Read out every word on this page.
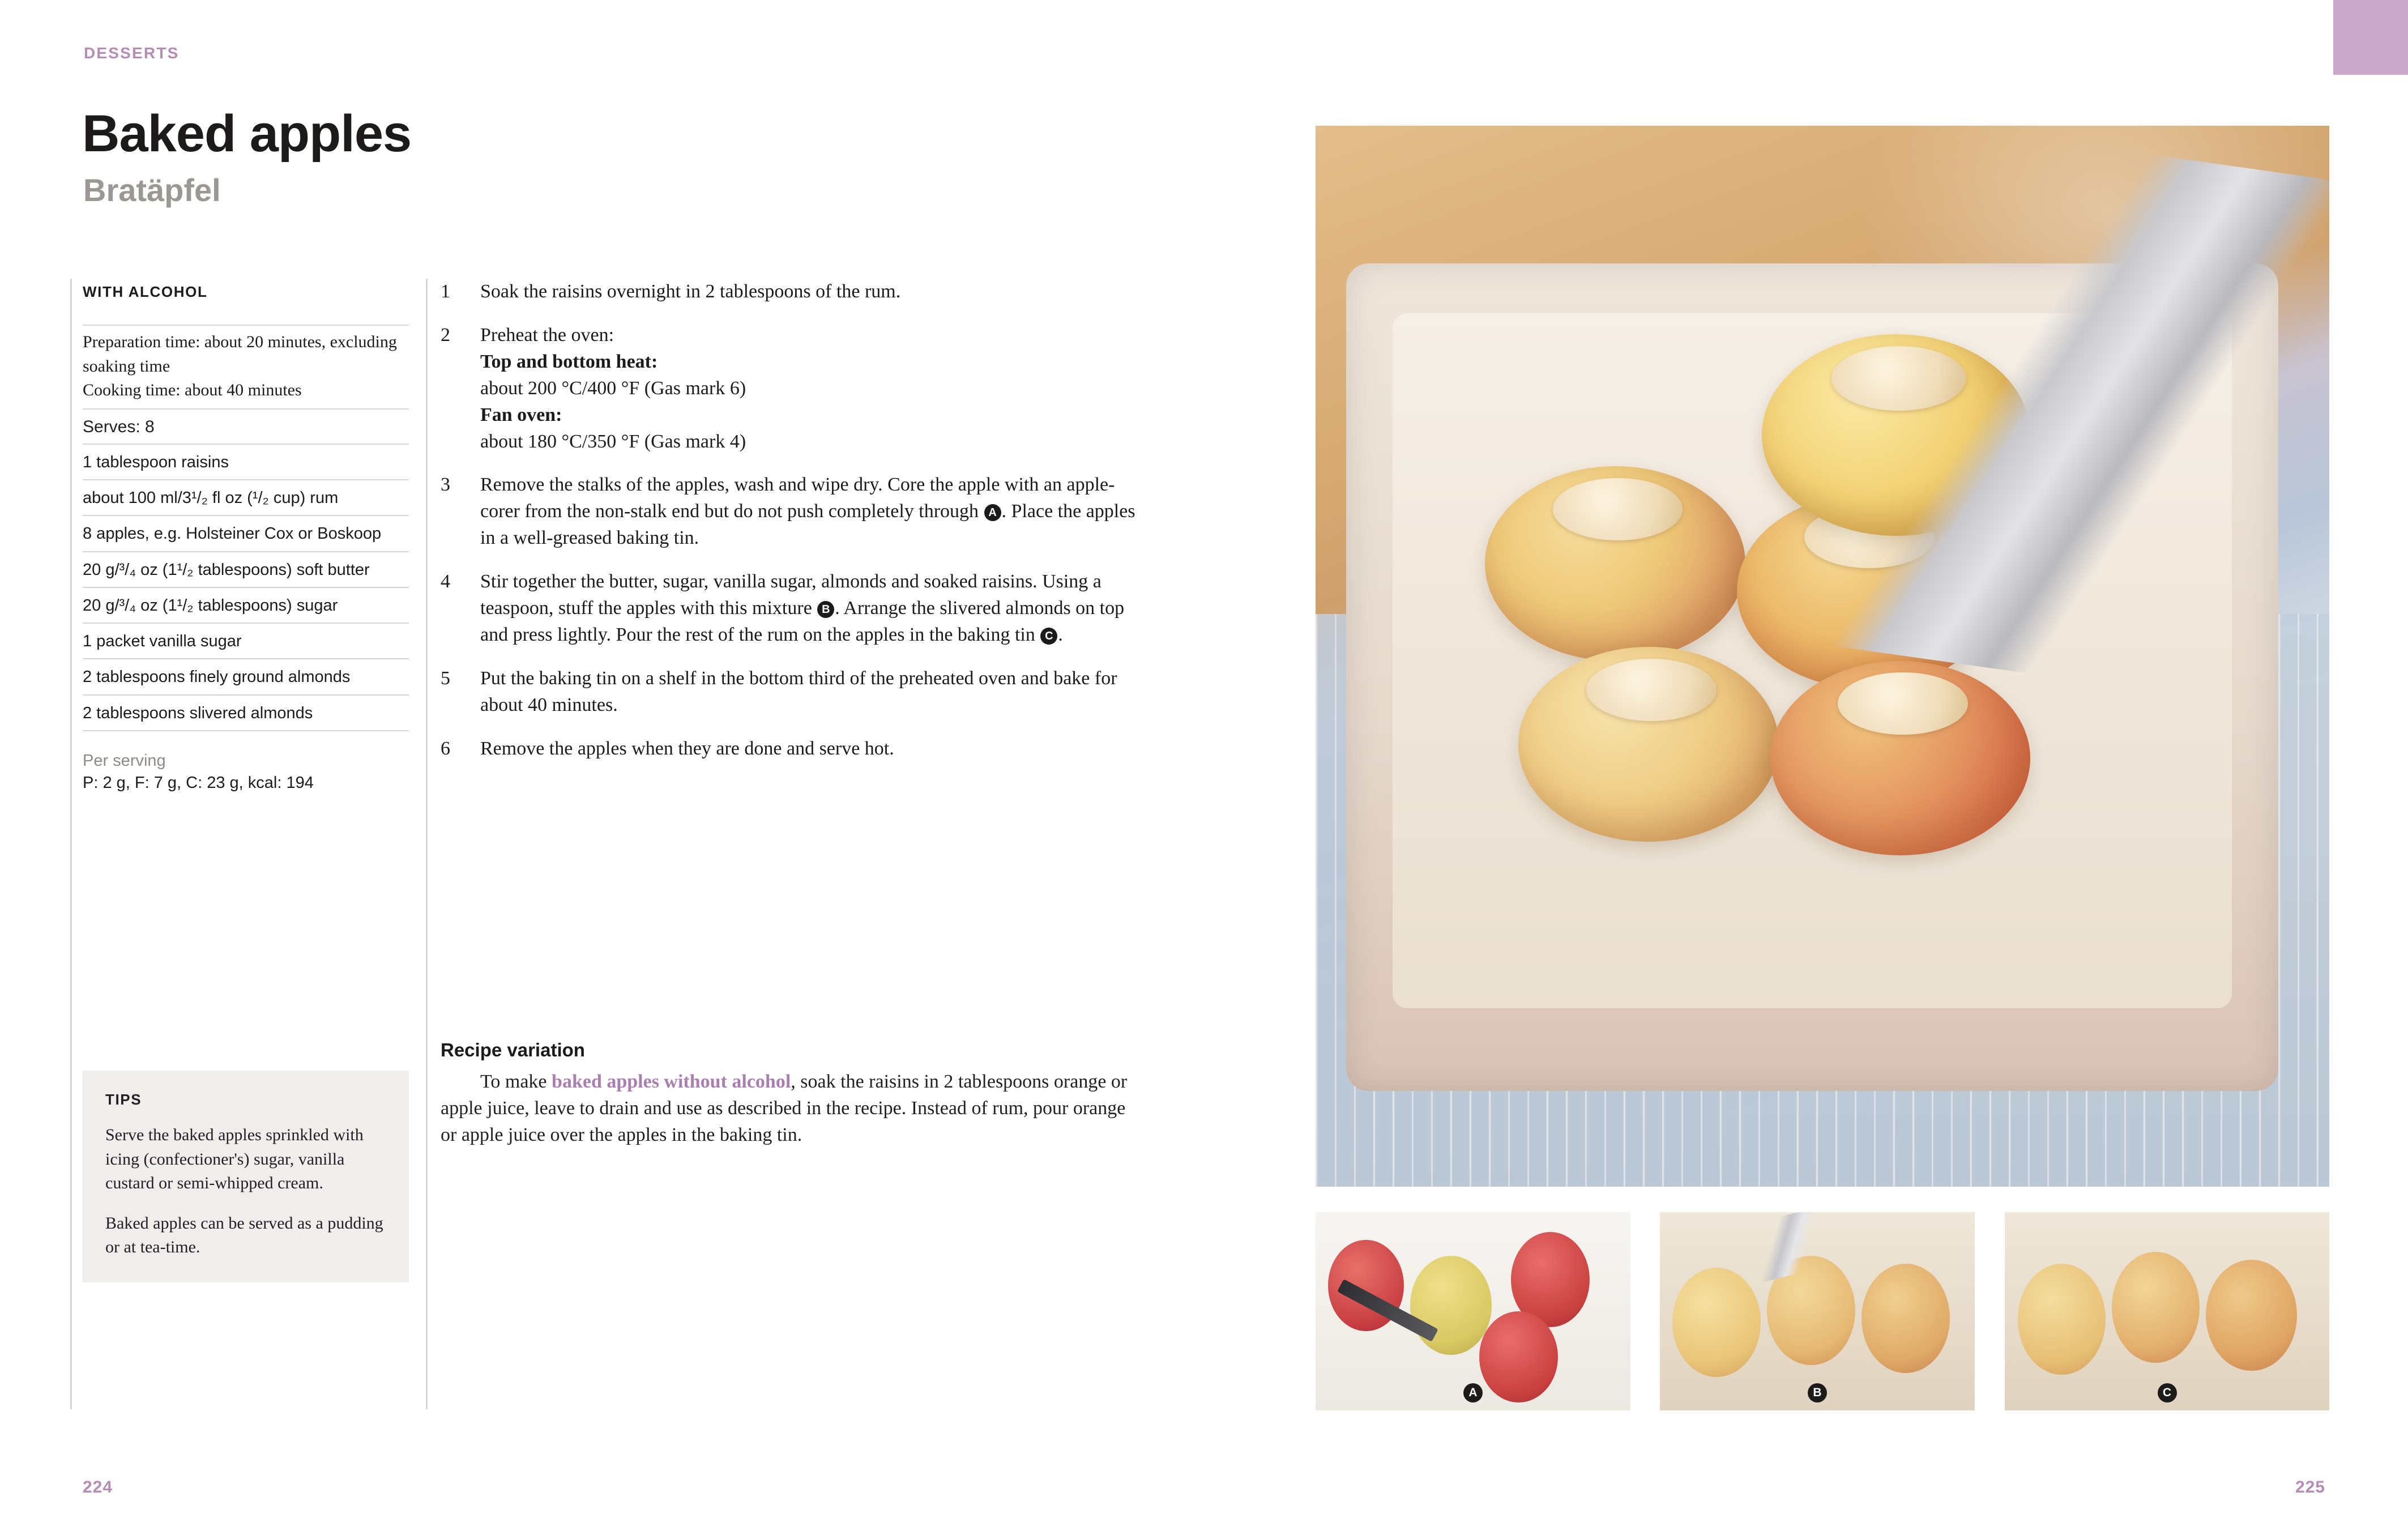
DESSERTS
Baked apples
Bratäpfel
WITH ALCOHOL
Preparation time: about 20 minutes, excluding soaking time
Cooking time: about 40 minutes
Serves: 8
1 tablespoon raisins
about 100 ml/3¹/₂ fl oz (¹/₂ cup) rum
8 apples, e.g. Holsteiner Cox or Boskoop
20 g/³/₄ oz (1¹/₂ tablespoons) soft butter
20 g/³/₄ oz (1¹/₂ tablespoons) sugar
1 packet vanilla sugar
2 tablespoons finely ground almonds
2 tablespoons slivered almonds
Per serving
P: 2 g, F: 7 g, C: 23 g, kcal: 194
TIPS

Serve the baked apples sprinkled with icing (confectioner's) sugar, vanilla custard or semi-whipped cream.

Baked apples can be served as a pudding or at tea-time.

1	Soak the raisins overnight in 2 tablespoons of the rum.
2	Preheat the oven:
Top and bottom heat:
about 200 °C/400 °F (Gas mark 6)
Fan oven:
about 180 °C/350 °F (Gas mark 4)
3	Remove the stalks of the apples, wash and wipe dry. Core the apple with an apple-corer from the non-stalk end but do not push completely through A . Place the apples in a well-greased baking tin.
4	Stir together the butter, sugar, vanilla sugar, almonds and soaked raisins. Using a teaspoon, stuff the apples with this mixture B . Arrange the slivered almonds on top and press lightly. Pour the rest of the rum on the apples in the baking tin C .
5	Put the baking tin on a shelf in the bottom third of the preheated oven and bake for about 40 minutes.
6	Remove the apples when they are done and serve hot.
Recipe variation
To make baked apples without alcohol, soak the raisins in 2 tablespoons orange or apple juice, leave to drain and use as described in the recipe. Instead of rum, pour orange or apple juice over the apples in the baking tin.
224	225
A	B	C
